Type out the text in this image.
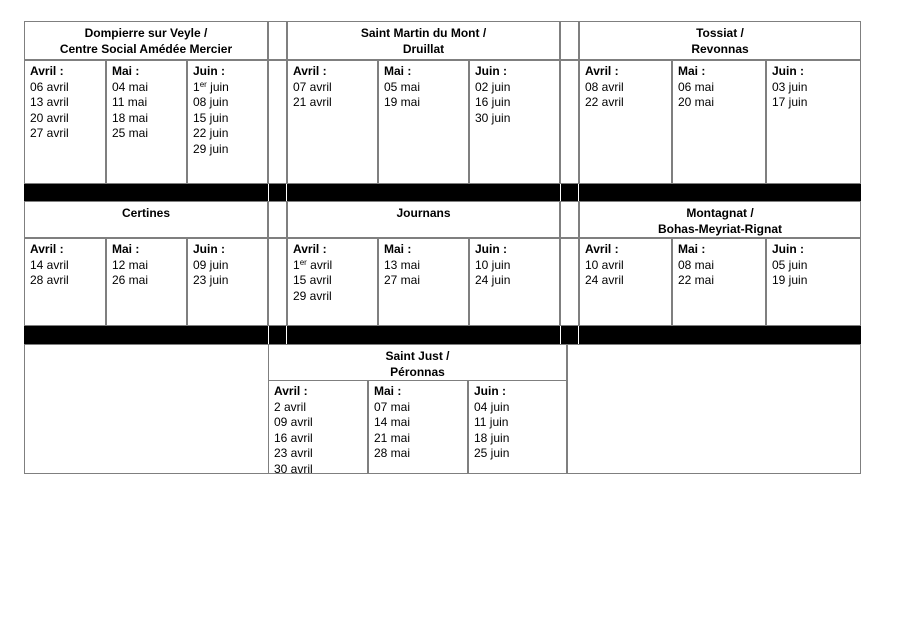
Dompierre sur Veyle /
Centre Social Amédée Mercier
Saint Martin du Mont /
Druillat
Tossiat /
Revonnas
Avril :
06 avril
13 avril
20 avril
27 avril
Mai :
04 mai
11 mai
18 mai
25 mai
Juin :
1er juin
08 juin
15 juin
22 juin
29 juin
Avril :
07 avril
21 avril
Mai :
05 mai
19 mai
Juin :
02 juin
16 juin
30 juin
Avril :
08 avril
22 avril
Mai :
06 mai
20 mai
Juin :
03 juin
17 juin
Certines	Journans	Montagnat /
Bohas-Meyriat-Rignat
Avril :
14 avril
28 avril
Mai :
12 mai
26 mai
Juin :
09 juin
23 juin
Avril :
1er avril
15 avril
29 avril
Mai :
13 mai
27 mai
Juin :
10 juin
24 juin
Avril :
10 avril
24 avril
Mai :
08 mai
22 mai
Juin :
05 juin
19 juin
Saint Just /
Péronnas
Avril :
2 avril
09 avril
16 avril
23 avril
30 avril
Mai :
07 mai
14 mai
21 mai
28 mai
Juin :
04 juin
11 juin
18 juin
25 juin
